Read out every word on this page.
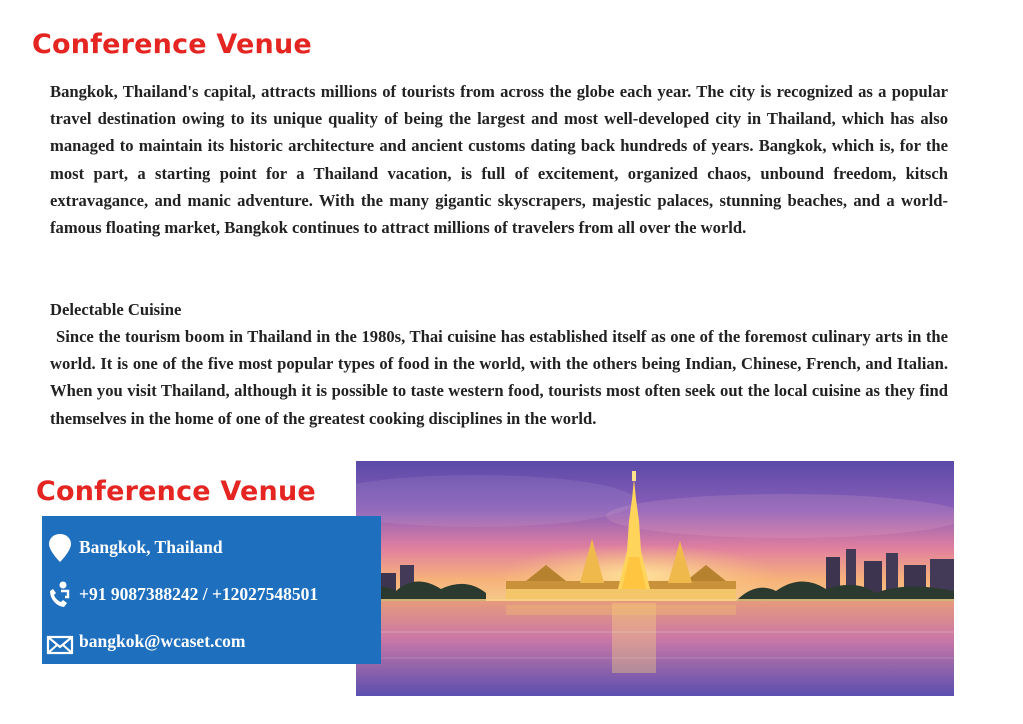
Conference Venue

Bangkok, Thailand's capital, attracts millions of tourists from across the globe each year. The city is recognized as a popular travel destination owing to its unique quality of being the largest and most well-developed city in Thailand, which has also managed to maintain its historic architecture and ancient customs dating back hundreds of years. Bangkok, which is, for the most part, a starting point for a Thailand vacation, is full of excitement, organized chaos, unbound freedom, kitsch extravagance, and manic adventure. With the many gigantic skyscrapers, majestic palaces, stunning beaches, and a world-famous floating market, Bangkok continues to attract millions of travelers from all over the world.

Delectable Cuisine

Since the tourism boom in Thailand in the 1980s, Thai cuisine has established itself as one of the foremost culinary arts in the world. It is one of the five most popular types of food in the world, with the others being Indian, Chinese, French, and Italian. When you visit Thailand, although it is possible to taste western food, tourists most often seek out the local cuisine as they find themselves in the home of one of the greatest cooking disciplines in the world.

Conference Venue
Bangkok, Thailand
+91 9087388242 / +12027548501
bangkok@wcaset.com
